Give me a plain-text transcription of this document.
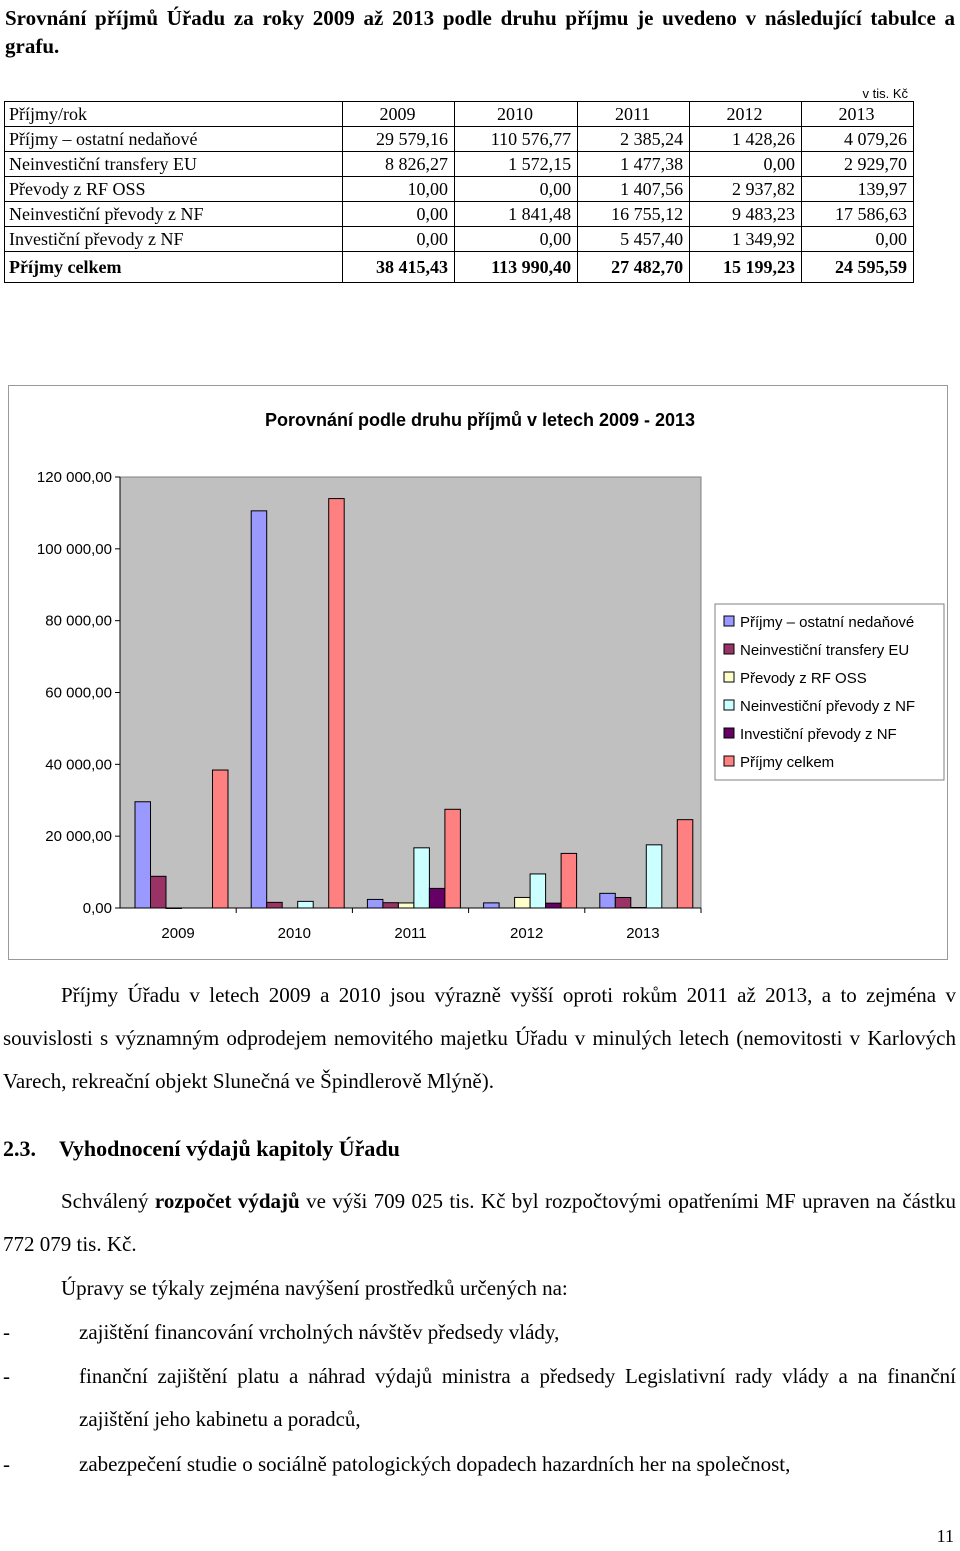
Srovnání příjmů Úřadu za roky 2009 až 2013 podle druhu příjmu je uvedeno v následující tabulce a grafu.
v tis. Kč
Příjmy/rok	2009	2010	2011	2012	2013
Příjmy – ostatní nedaňové	29 579,16	110 576,77	2 385,24	1 428,26	4 079,26
Neinvestiční transfery EU	8 826,27	1 572,15	1 477,38	0,00	2 929,70
Převody z RF OSS	10,00	0,00	1 407,56	2 937,82	139,97
Neinvestiční převody z NF	0,00	1 841,48	16 755,12	9 483,23	17 586,63
Investiční převody z NF	0,00	0,00	5 457,40	1 349,92	0,00
Příjmy celkem	38 415,43	113 990,40	27 482,70	15 199,23	24 595,59
Porovnání podle druhu příjmů v letech 2009 - 2013
0,00
20 000,00
40 000,00
60 000,00
80 000,00
100 000,00
120 000,00
2009	2010	2011	2012	2013
Příjmy – ostatní nedaňové
Neinvestiční transfery EU
Převody z RF OSS
Neinvestiční převody z NF
Investiční převody z NF
Příjmy celkem
Příjmy Úřadu v letech 2009 a 2010 jsou výrazně vyšší oproti rokům 2011 až 2013, a to zejména v souvislosti s významným odprodejem nemovitého majetku Úřadu v minulých letech (nemovitosti v Karlových Varech, rekreační objekt Slunečná ve Špindlerově Mlýně).
2.3. Vyhodnocení výdajů kapitoly Úřadu
Schválený rozpočet výdajů ve výši 709 025 tis. Kč byl rozpočtovými opatřeními MF upraven na částku 772 079 tis. Kč.
Úpravy se týkaly zejména navýšení prostředků určených na:
-	zajištění financování vrcholných návštěv předsedy vlády,
-	finanční zajištění platu a náhrad výdajů ministra a předsedy Legislativní rady vlády a na finanční zajištění jeho kabinetu a poradců,
-	zabezpečení studie o sociálně patologických dopadech hazardních her na společnost,
11
